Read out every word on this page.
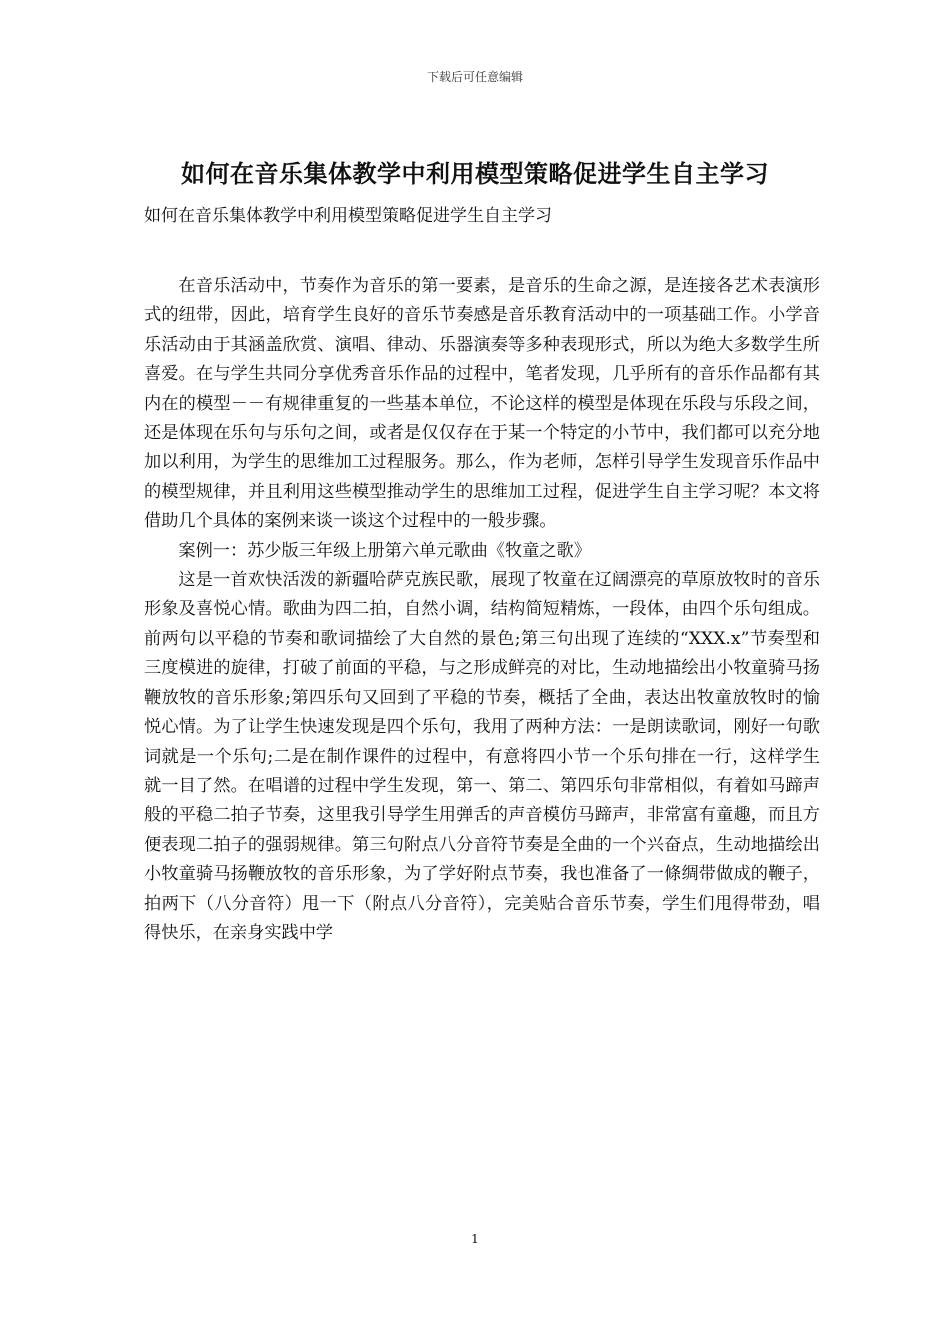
下载后可任意编辑
如何在音乐集体教学中利用模型策略促进学生自主学习

如何在音乐集体教学中利用模型策略促进学生自主学习

在音乐活动中，节奏作为音乐的第一要素，是音乐的生命之源，是连接各艺术表演形式的纽带，因此，培育学生良好的音乐节奏感是音乐教育活动中的一项基础工作。小学音乐活动由于其涵盖欣赏、演唱、律动、乐器演奏等多种表现形式，所以为绝大多数学生所喜爱。在与学生共同分享优秀音乐作品的过程中，笔者发现，几乎所有的音乐作品都有其内在的模型－－有规律重复的一些基本单位，不论这样的模型是体现在乐段与乐段之间，还是体现在乐句与乐句之间，或者是仅仅存在于某一个特定的小节中，我们都可以充分地加以利用，为学生的思维加工过程服务。那么，作为老师，怎样引导学生发现音乐作品中的模型规律，并且利用这些模型推动学生的思维加工过程，促进学生自主学习呢？本文将借助几个具体的案例来谈一谈这个过程中的一般步骤。

案例一：苏少版三年级上册第六单元歌曲《牧童之歌》

这是一首欢快活泼的新疆哈萨克族民歌，展现了牧童在辽阔漂亮的草原放牧时的音乐形象及喜悦心情。歌曲为四二拍，自然小调，结构简短精炼，一段体，由四个乐句组成。前两句以平稳的节奏和歌词描绘了大自然的景色;第三句出现了连续的“XXX.x”节奏型和三度模进的旋律，打破了前面的平稳，与之形成鲜亮的对比，生动地描绘出小牧童骑马扬鞭放牧的音乐形象;第四乐句又回到了平稳的节奏，概括了全曲，表达出牧童放牧时的愉悦心情。为了让学生快速发现是四个乐句，我用了两种方法：一是朗读歌词，刚好一句歌词就是一个乐句;二是在制作课件的过程中，有意将四小节一个乐句排在一行，这样学生就一目了然。在唱谱的过程中学生发现，第一、第二、第四乐句非常相似，有着如马蹄声般的平稳二拍子节奏，这里我引导学生用弹舌的声音模仿马蹄声，非常富有童趣，而且方便表现二拍子的强弱规律。第三句附点八分音符节奏是全曲的一个兴奋点，生动地描绘出小牧童骑马扬鞭放牧的音乐形象，为了学好附点节奏，我也准备了一條绸带做成的鞭子，拍两下（八分音符）甩一下（附点八分音符），完美贴合音乐节奏，学生们甩得带劲，唱得快乐，在亲身实践中学

1
